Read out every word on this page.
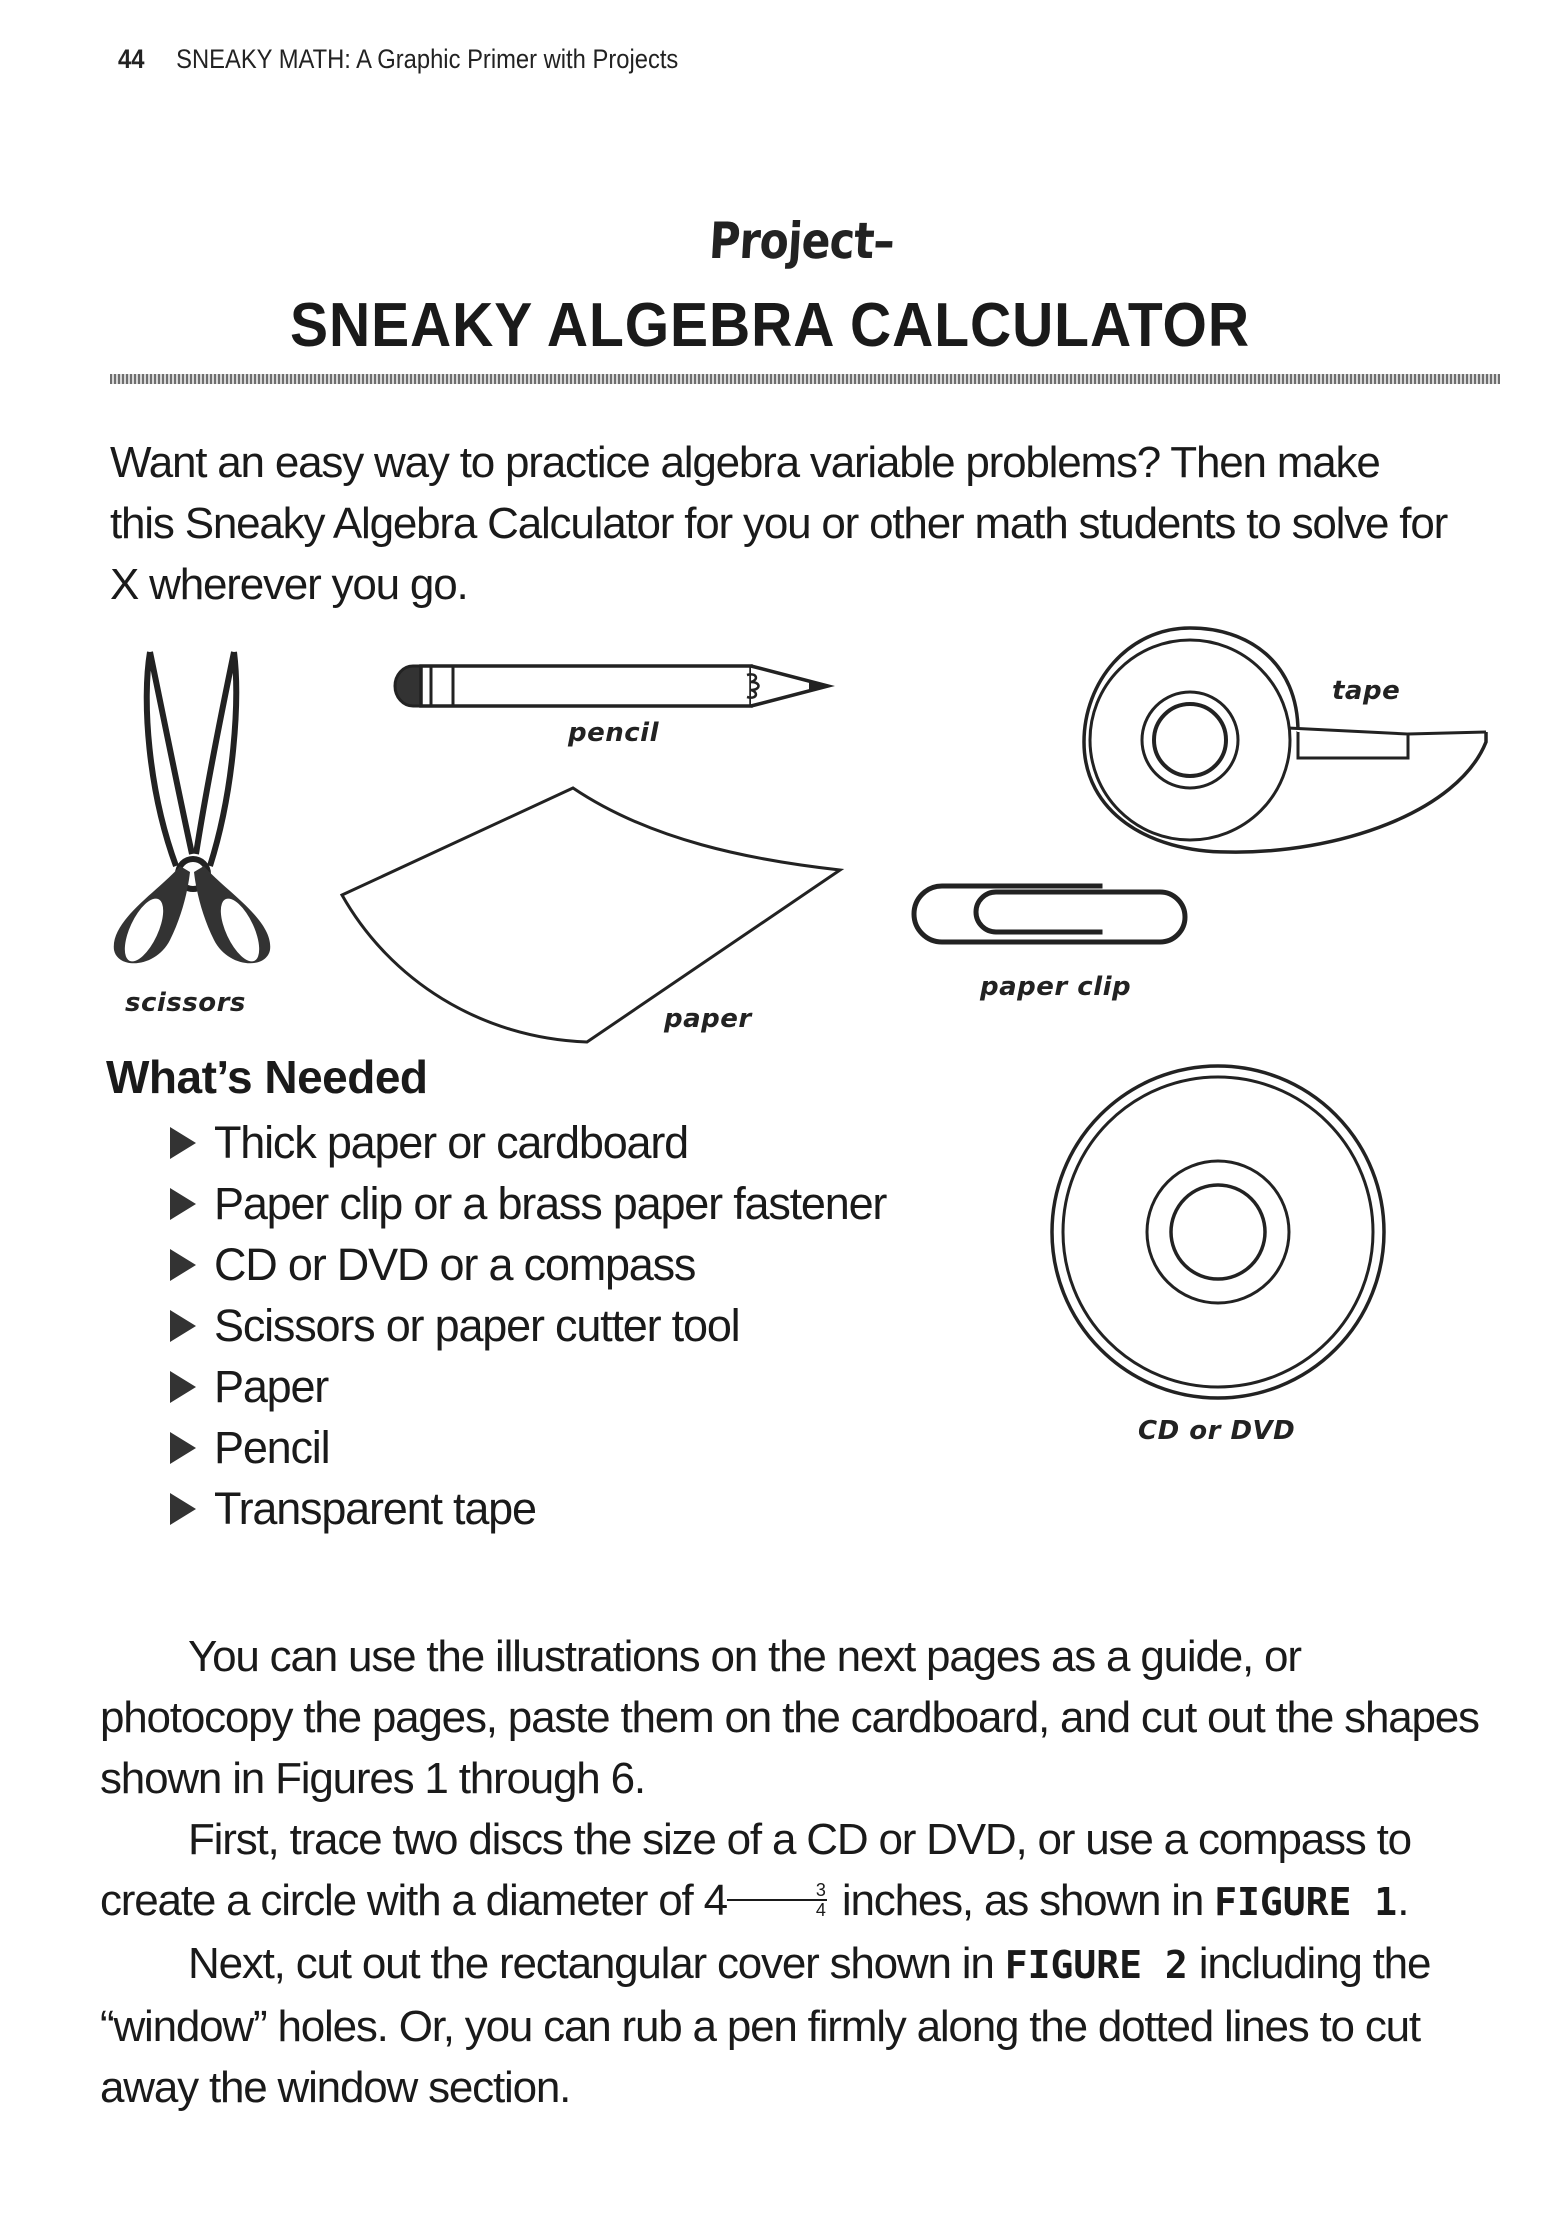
44 SNEAKY MATH: A Graphic Primer with Projects
Project–
SNEAKY ALGEBRA CALCULATOR
Want an easy way to practice algebra variable problems? Then make this Sneaky Algebra Calculator for you or other math students to solve for X wherever you go.
scissors
pencil
paper
tape
paper clip
CD or DVD
What’s Needed
Thick paper or cardboard
Paper clip or a brass paper fastener
CD or DVD or a compass
Scissors or paper cutter tool
Paper
Pencil
Transparent tape

You can use the illustrations on the next pages as a guide, or photocopy the pages, paste them on the cardboard, and cut out the shapes shown in Figures 1 through 6.

First, trace two discs the size of a CD or DVD, or use a compass to create a circle with a diameter of $4 \frac{3}{4}$ inches, as shown in FIGURE 1.

Next, cut out the rectangular cover shown in FIGURE 2 including the “window” holes. Or, you can rub a pen firmly along the dotted lines to cut away the window section.
